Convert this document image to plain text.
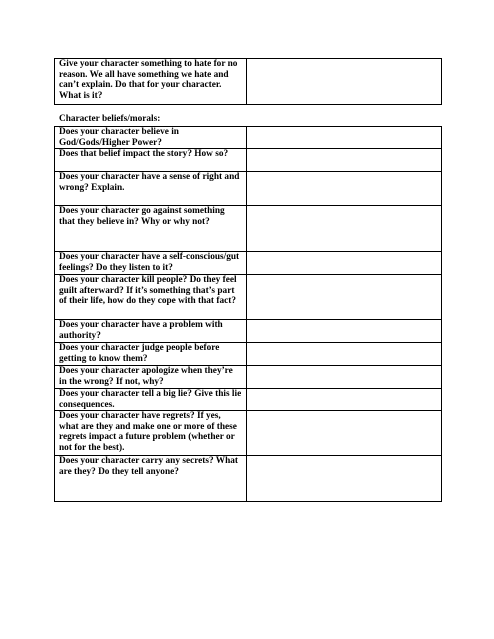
Give your character something to hate for no reason. We all have something we hate and can’t explain. Do that for your character. What is it?	
Character beliefs/morals:
Does your character believe in God/Gods/Higher Power?	
Does that belief impact the story? How so?	
Does your character have a sense of right and wrong? Explain.	
Does your character go against something that they believe in? Why or why not?	
Does your character have a self-conscious/gut feelings? Do they listen to it?	
Does your character kill people? Do they feel guilt afterward? If it’s something that’s part of their life, how do they cope with that fact?	
Does your character have a problem with authority?	
Does your character judge people before getting to know them?	
Does your character apologize when they’re in the wrong? If not, why?	
Does your character tell a big lie? Give this lie consequences.	
Does your character have regrets? If yes, what are they and make one or more of these regrets impact a future problem (whether or not for the best).	
Does your character carry any secrets? What are they? Do they tell anyone?	
